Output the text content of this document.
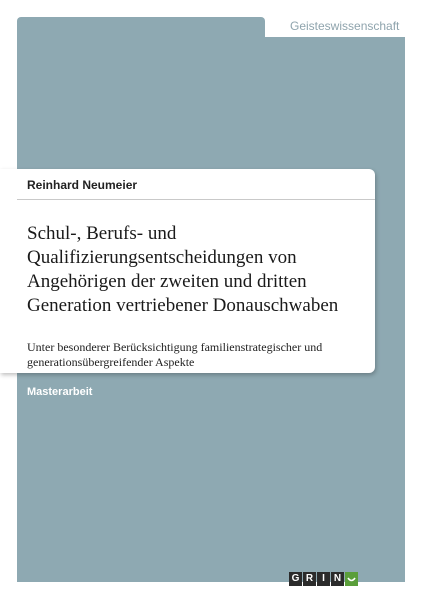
Geisteswissenschaft
Reinhard Neumeier
Schul-, Berufs- und
Qualifizierungsentscheidungen von
Angehörigen der zweiten und dritten
Generation vertriebener Donauschwaben
Unter besonderer Berücksichtigung familienstrategischer und
generationsübergreifender Aspekte
Masterarbeit
G R I N
